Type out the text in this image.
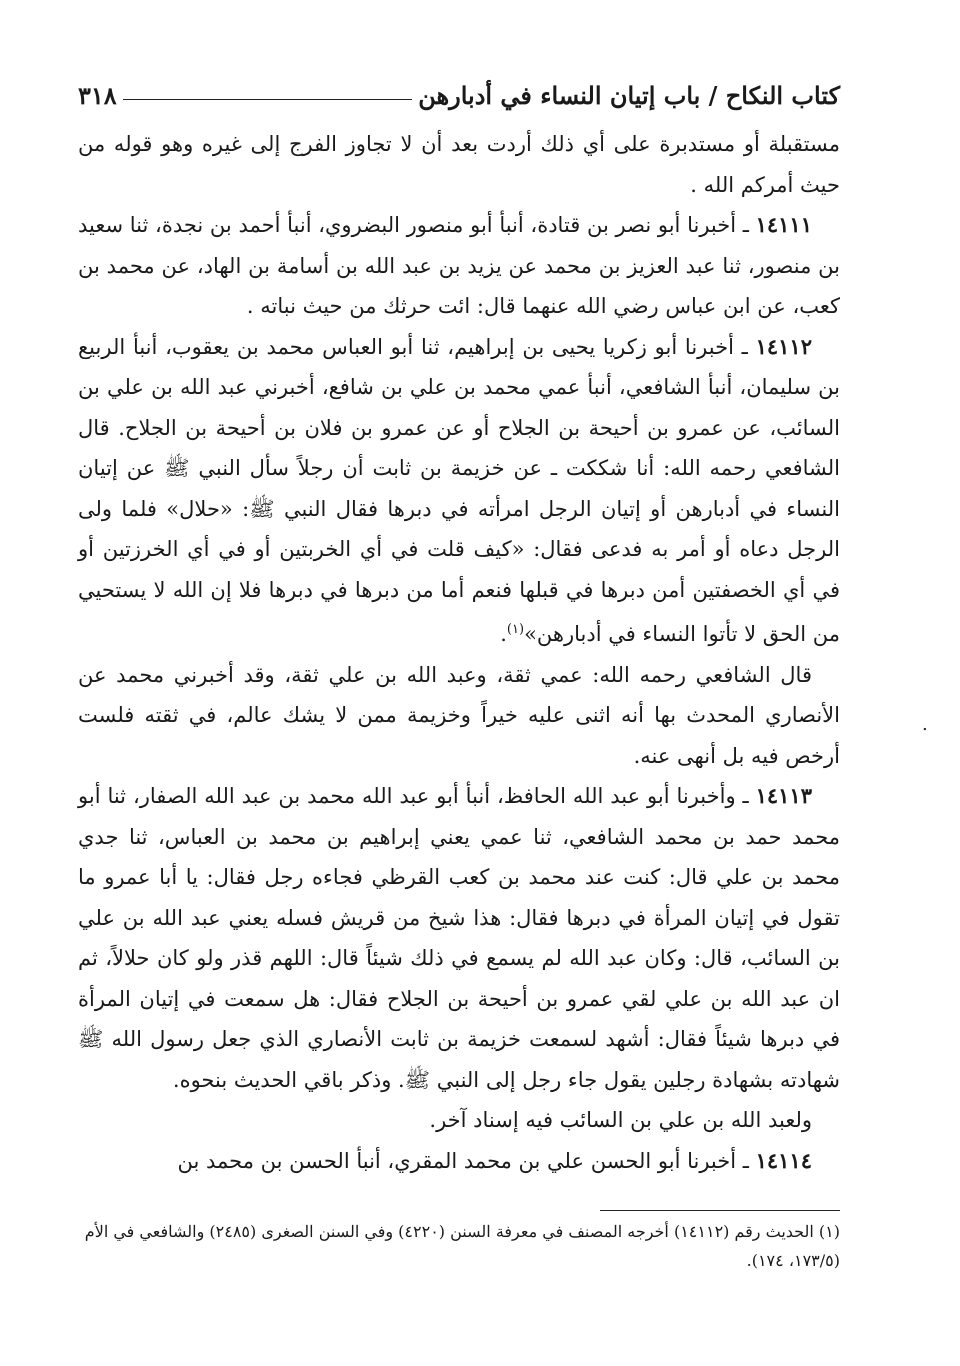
كتاب النكاح / باب إتيان النساء في أدبارهن
٣١٨

مستقبلة أو مستدبرة على أي ذلك أردت بعد أن لا تجاوز الفرج إلى غيره وهو قوله من حيث أمركم الله .

١٤١١١ ـ أخبرنا أبو نصر بن قتادة، أنبأ أبو منصور البضروي، أنبأ أحمد بن نجدة، ثنا سعيد بن منصور، ثنا عبد العزيز بن محمد عن يزيد بن عبد الله بن أسامة بن الهاد، عن محمد بن كعب، عن ابن عباس رضي الله عنهما قال: ائت حرثك من حيث نباته .

١٤١١٢ ـ أخبرنا أبو زكريا يحيى بن إبراهيم، ثنا أبو العباس محمد بن يعقوب، أنبأ الربيع بن سليمان، أنبأ الشافعي، أنبأ عمي محمد بن علي بن شافع، أخبرني عبد الله بن علي بن السائب، عن عمرو بن أحيحة بن الجلاح أو عن عمرو بن فلان بن أحيحة بن الجلاح. قال الشافعي رحمه الله: أنا شككت ـ عن خزيمة بن ثابت أن رجلاً سأل النبي ﷺ عن إتيان النساء في أدبارهن أو إتيان الرجل امرأته في دبرها فقال النبي ﷺ: «حلال» فلما ولى الرجل دعاه أو أمر به فدعى فقال: «كيف قلت في أي الخربتين أو في أي الخرزتين أو في أي الخصفتين أمن دبرها في قبلها فنعم أما من دبرها في دبرها فلا إن الله لا يستحيي من الحق لا تأتوا النساء في أدبارهن»$^{(١)}$.

قال الشافعي رحمه الله: عمي ثقة، وعبد الله بن علي ثقة، وقد أخبرني محمد عن الأنصاري المحدث بها أنه اثنى عليه خيراً وخزيمة ممن لا يشك عالم، في ثقته فلست أرخص فيه بل أنهى عنه.

١٤١١٣ ـ وأخبرنا أبو عبد الله الحافظ، أنبأ أبو عبد الله محمد بن عبد الله الصفار، ثنا أبو محمد حمد بن محمد الشافعي، ثنا عمي يعني إبراهيم بن محمد بن العباس، ثنا جدي محمد بن علي قال: كنت عند محمد بن كعب القرظي فجاءه رجل فقال: يا أبا عمرو ما تقول في إتيان المرأة في دبرها فقال: هذا شيخ من قريش فسله يعني عبد الله بن علي بن السائب، قال: وكان عبد الله لم يسمع في ذلك شيئاً قال: اللهم قذر ولو كان حلالاً، ثم ان عبد الله بن علي لقي عمرو بن أحيحة بن الجلاح فقال: هل سمعت في إتيان المرأة في دبرها شيئاً فقال: أشهد لسمعت خزيمة بن ثابت الأنصاري الذي جعل رسول الله ﷺ شهادته بشهادة رجلين يقول جاء رجل إلى النبي ﷺ. وذكر باقي الحديث بنحوه.

ولعبد الله بن علي بن السائب فيه إسناد آخر.

١٤١١٤ ـ أخبرنا أبو الحسن علي بن محمد المقري، أنبأ الحسن بن محمد بن

.
(١) الحديث رقم (١٤١١٢) أخرجه المصنف في معرفة السنن (٤٢٢٠) وفي السنن الصغرى (٢٤٨٥) والشافعي في الأم (١٧٣/٥، ١٧٤).
